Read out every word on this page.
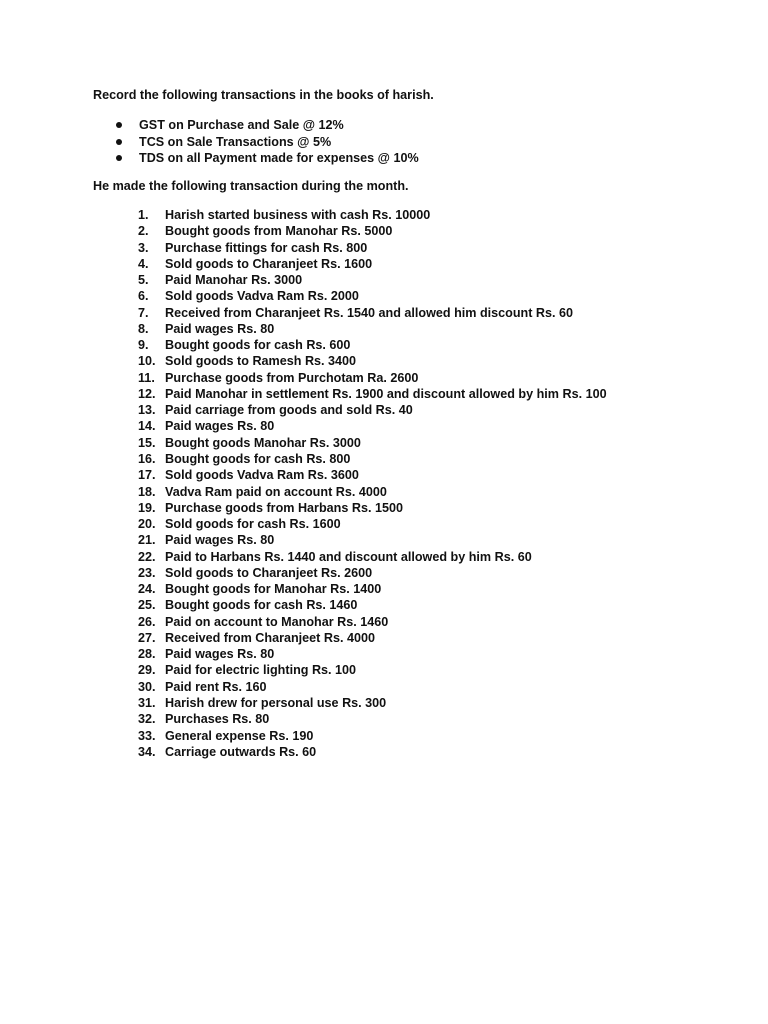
Record the following transactions in the books of harish.
GST on Purchase and Sale @ 12%
TCS on Sale Transactions @ 5%
TDS on all Payment made for expenses @ 10%
He made the following transaction during the month.
1.	Harish started business with cash Rs. 10000
2.	Bought goods from Manohar Rs. 5000
3.	Purchase fittings for cash Rs. 800
4.	Sold goods to Charanjeet Rs. 1600
5.	Paid Manohar Rs. 3000
6.	Sold goods Vadva Ram Rs. 2000
7.	Received from Charanjeet Rs. 1540 and allowed him discount Rs. 60
8.	Paid wages Rs. 80
9.	Bought goods for cash Rs. 600
10. Sold goods to Ramesh Rs. 3400
11. Purchase goods from Purchotam Ra. 2600
12. Paid Manohar in settlement Rs. 1900 and discount allowed by him Rs. 100
13. Paid carriage from goods and sold Rs. 40
14. Paid wages Rs. 80
15. Bought goods Manohar Rs. 3000
16. Bought goods for cash Rs. 800
17. Sold goods Vadva Ram Rs. 3600
18. Vadva Ram paid on account Rs. 4000
19. Purchase goods from Harbans Rs. 1500
20. Sold goods for cash Rs. 1600
21. Paid wages Rs. 80
22. Paid to Harbans Rs. 1440 and discount allowed by him Rs. 60
23. Sold goods to Charanjeet Rs. 2600
24. Bought goods for Manohar Rs. 1400
25. Bought goods for cash Rs. 1460
26. Paid on account to Manohar Rs. 1460
27. Received from Charanjeet Rs. 4000
28. Paid wages Rs. 80
29. Paid for electric lighting Rs. 100
30. Paid rent Rs. 160
31. Harish drew for personal use Rs. 300
32. Purchases Rs. 80
33. General expense Rs. 190
34. Carriage outwards Rs. 60
